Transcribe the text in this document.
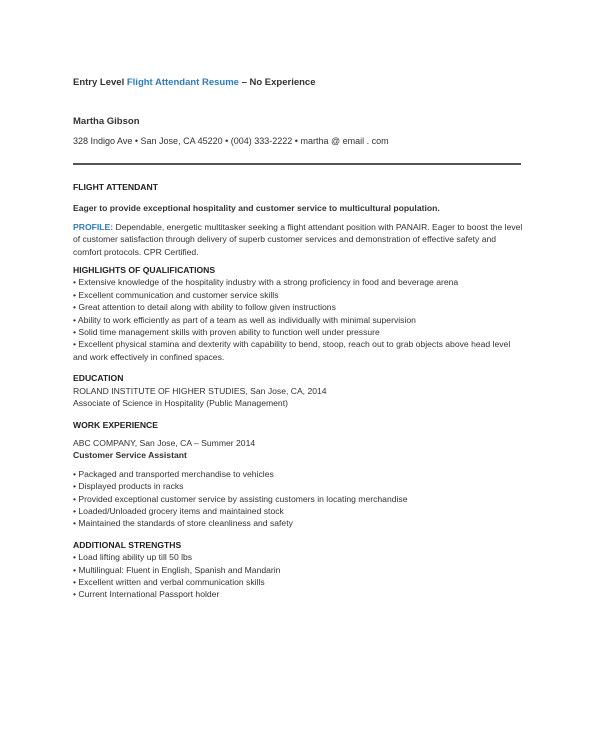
Entry Level Flight Attendant Resume – No Experience
Martha Gibson
328 Indigo Ave • San Jose, CA 45220 • (004) 333-2222 • martha @ email . com
FLIGHT ATTENDANT
Eager to provide exceptional hospitality and customer service to multicultural population.

PROFILE: Dependable, energetic multitasker seeking a flight attendant position with PANAIR. Eager to boost the level of customer satisfaction through delivery of superb customer services and demonstration of effective safety and comfort protocols. CPR Certified.

HIGHLIGHTS OF QUALIFICATIONS
• Extensive knowledge of the hospitality industry with a strong proficiency in food and beverage arena
• Excellent communication and customer service skills
• Great attention to detail along with ability to follow given instructions
• Ability to work efficiently as part of a team as well as individually with minimal supervision
• Solid time management skills with proven ability to function well under pressure
• Excellent physical stamina and dexterity with capability to bend, stoop, reach out to grab objects above head level and work effectively in confined spaces.
EDUCATION
ROLAND INSTITUTE OF HIGHER STUDIES, San Jose, CA, 2014
Associate of Science in Hospitality (Public Management)
WORK EXPERIENCE
ABC COMPANY, San Jose, CA – Summer 2014
Customer Service Assistant
• Packaged and transported merchandise to vehicles
• Displayed products in racks
• Provided exceptional customer service by assisting customers in locating merchandise
• Loaded/Unloaded grocery items and maintained stock
• Maintained the standards of store cleanliness and safety
ADDITIONAL STRENGTHS
• Load lifting ability up till 50 lbs
• Multilingual: Fluent in English, Spanish and Mandarin
• Excellent written and verbal communication skills
• Current International Passport holder
